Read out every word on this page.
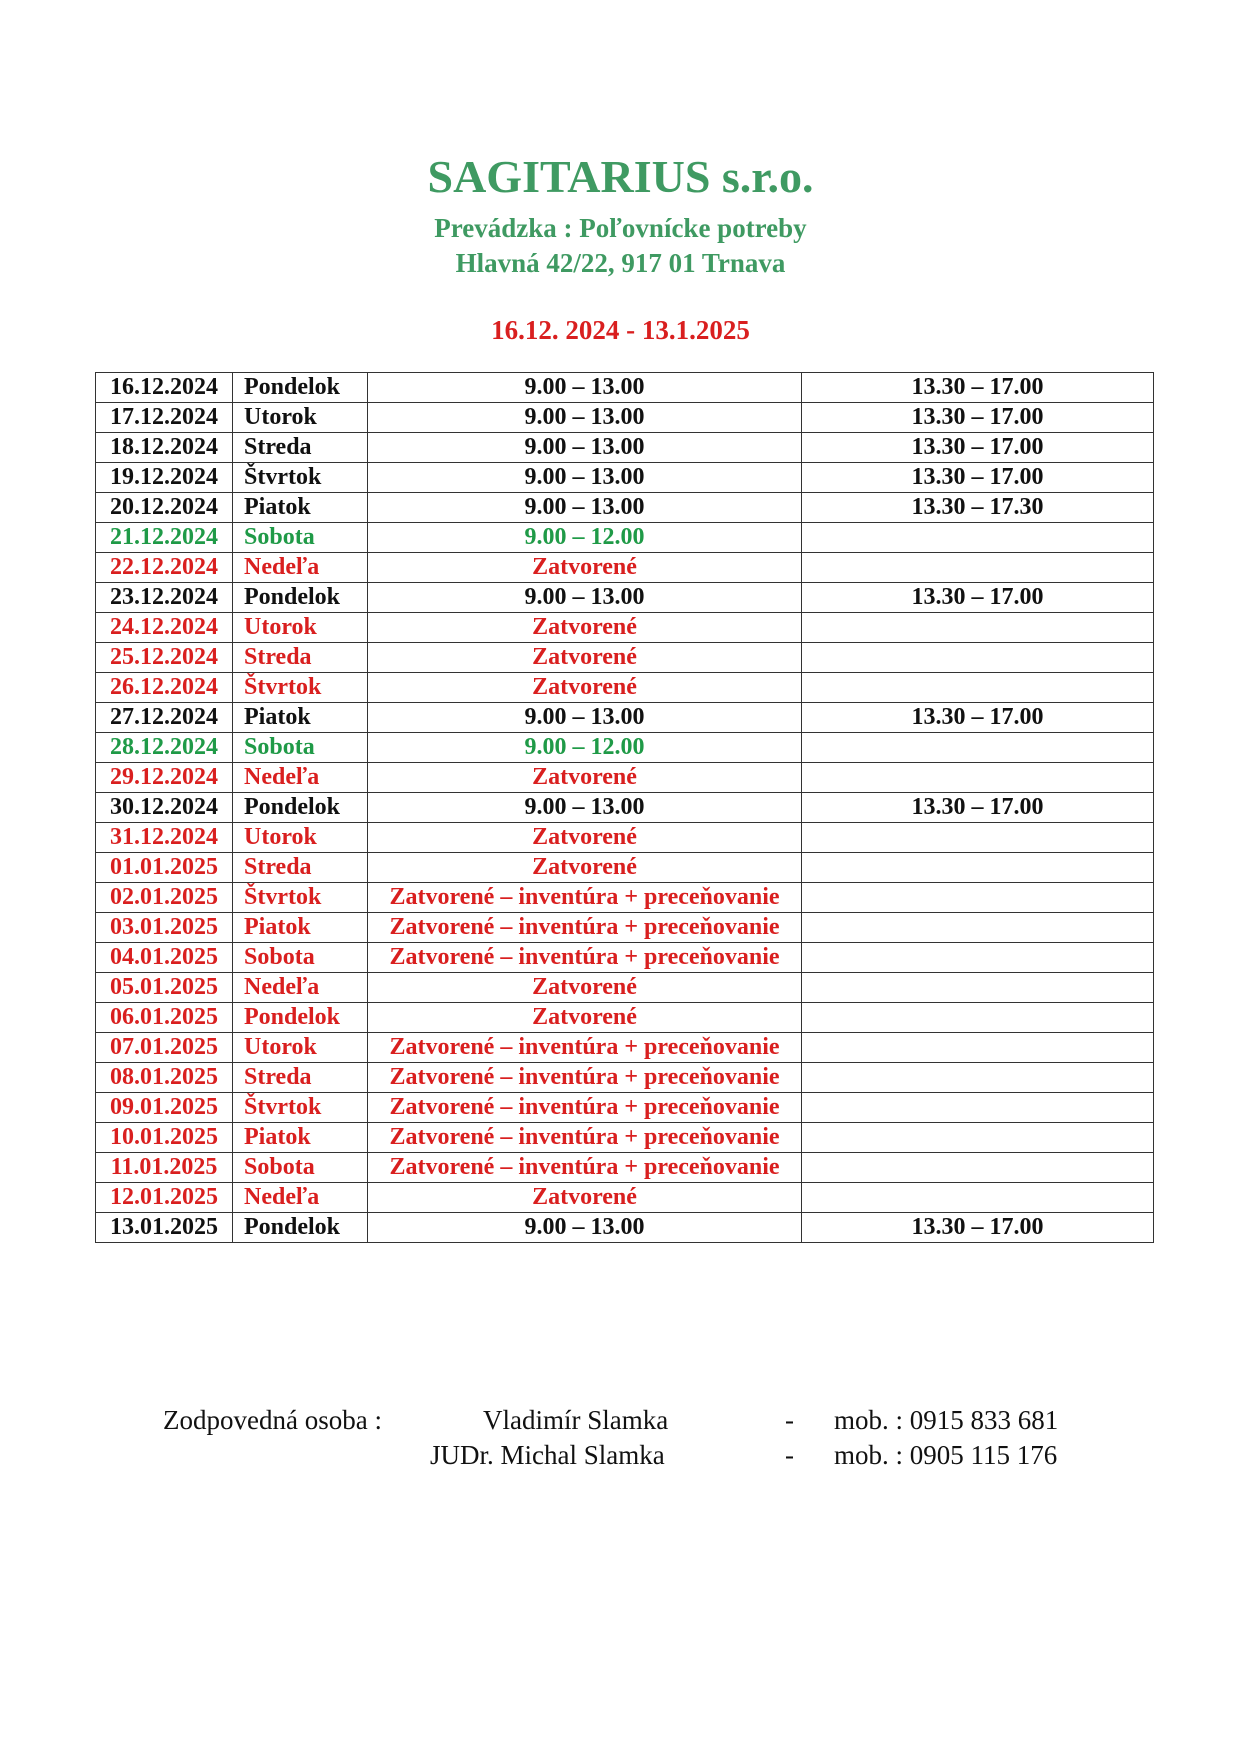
SAGITARIUS s.r.o.
Prevádzka : Poľovnícke potreby
Hlavná 42/22, 917 01 Trnava
16.12. 2024 - 13.1.2025
16.12.2024	Pondelok	9.00 – 13.00	13.30 – 17.00
17.12.2024	Utorok	9.00 – 13.00	13.30 – 17.00
18.12.2024	Streda	9.00 – 13.00	13.30 – 17.00
19.12.2024	Štvrtok	9.00 – 13.00	13.30 – 17.00
20.12.2024	Piatok	9.00 – 13.00	13.30 – 17.30
21.12.2024	Sobota	9.00 – 12.00	
22.12.2024	Nedeľa	Zatvorené	
23.12.2024	Pondelok	9.00 – 13.00	13.30 – 17.00
24.12.2024	Utorok	Zatvorené	
25.12.2024	Streda	Zatvorené	
26.12.2024	Štvrtok	Zatvorené	
27.12.2024	Piatok	9.00 – 13.00	13.30 – 17.00
28.12.2024	Sobota	9.00 – 12.00	
29.12.2024	Nedeľa	Zatvorené	
30.12.2024	Pondelok	9.00 – 13.00	13.30 – 17.00
31.12.2024	Utorok	Zatvorené	
01.01.2025	Streda	Zatvorené	
02.01.2025	Štvrtok	Zatvorené – inventúra + preceňovanie	
03.01.2025	Piatok	Zatvorené – inventúra + preceňovanie	
04.01.2025	Sobota	Zatvorené – inventúra + preceňovanie	
05.01.2025	Nedeľa	Zatvorené	
06.01.2025	Pondelok	Zatvorené	
07.01.2025	Utorok	Zatvorené – inventúra + preceňovanie	
08.01.2025	Streda	Zatvorené – inventúra + preceňovanie	
09.01.2025	Štvrtok	Zatvorené – inventúra + preceňovanie	
10.01.2025	Piatok	Zatvorené – inventúra + preceňovanie	
11.01.2025	Sobota	Zatvorené – inventúra + preceňovanie	
12.01.2025	Nedeľa	Zatvorené	
13.01.2025	Pondelok	9.00 – 13.00	13.30 – 17.00
Zodpovedná osoba :	Vladimír Slamka	- mob. : 0915 833 681
JUDr. Michal Slamka	- mob. : 0905 115 176
